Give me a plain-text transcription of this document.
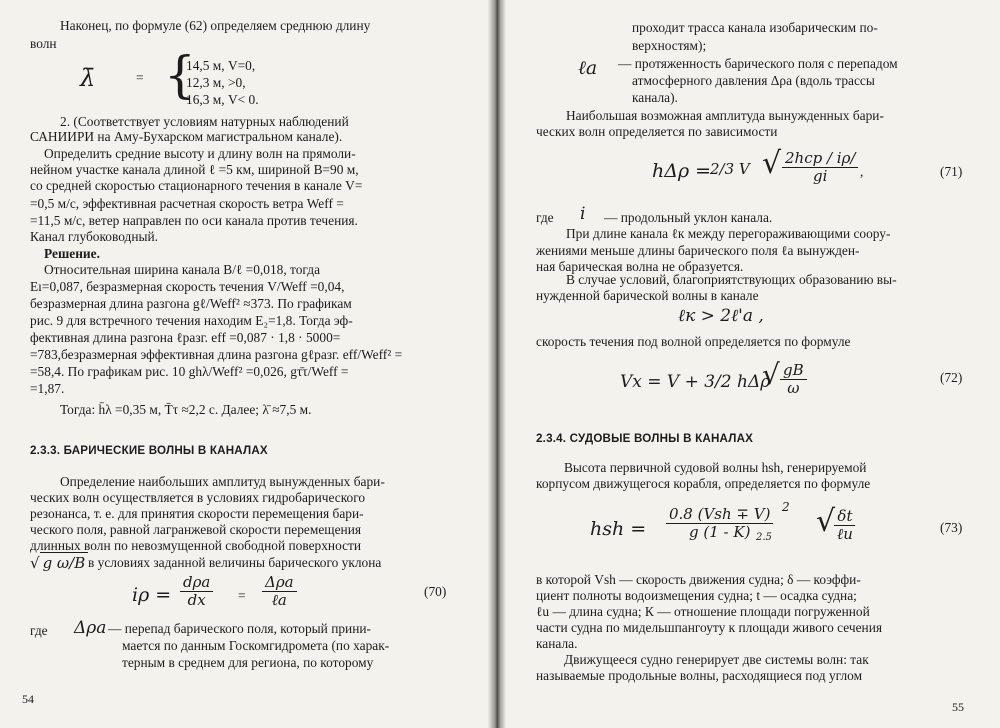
Наконец, по формуле (62) определяем среднюю длину
волн
λ̄	= {
14,5 м, V=0,
12,3 м, >0,
16,3 м, V< 0.
2. (Соответствует условиям натурных наблюдений
САНИИРИ на Аму-Бухарском магистральном канале).
Определить средние высоту и длину волн на прямоли-
нейном участке канала длиной ℓ =5 км, шириной В=90 м,
со средней скоростью стационарного течения в канале V=
=0,5 м/с, эффективная расчетная скорость ветра Weff =
=11,5 м/с, ветер направлен по оси канала против течения.
Канал глубоководный.
Решение.
Относительная ширина канала B/ℓ =0,018, тогда
Eı=0,087, безразмерная скорость течения V/Weff =0,04,
безразмерная длина разгона gℓ/Weff² ≈373. По графикам
рис. 9 для встречного течения находим E₂=1,8. Тогда эф-
фективная длина разгона ℓразг. eff =0,087 · 1,8 · 5000=
=783,безразмерная эффективная длина разгона gℓразг. eff/Weff² =
=58,4. По графикам рис. 10 ghλ/Weff² =0,026, gτ̄τ/Weff =
=1,87.
Тогда: h̄λ =0,35 м, T̄τ ≈2,2 с. Далее; λ̄ ≈7,5 м.
2.3.3. БАРИЧЕСКИЕ ВОЛНЫ В КАНАЛАХ
Определение наибольших амплитуд вынужденных бари-
ческих волн осуществляется в условиях гидробарического
резонанса, т. е. для принятия скорости перемещения бари-
ческого поля, равной лагранжевой скорости перемещения
длинных волн по невозмущенной свободной поверхности
√ g ω/B в условиях заданной величины барического уклона
iρ =
dρa
dx =
Δρa
ℓa	(70)
где Δρa — перепад барического поля, который прини-
мается по данным Госкомгидромета (по харак-
терным в среднем для региона, по которому
54
проходит трасса канала изобарическим по-
верхностям);
ℓa — протяженность барического поля с перепадом
атмосферного давления Δρa (вдоль трассы
канала).
Наибольшая возможная амплитуда вынужденных бари-
ческих волн определяется по зависимости
hΔρ =
2/3 V √ 2hср / iρ/
gi ,	(71)
где i — продольный уклон канала.
При длине канала ℓк между перегораживающими соору-
жениями меньше длины барического поля ℓa вынужден-
ная барическая волна не образуется.
В случае условий, благоприятствующих образованию вы-
нужденной барической волны в канале
ℓк > 2ℓ'a ,
скорость течения под волной определяется по формуле
Vx = V + 3/2 hΔρ
√ $\frac{gB}{\omega}$	(72)
2.3.4. СУДОВЫЕ ВОЛНЫ В КАНАЛАХ
Высота первичной судовой волны hsh, генерируемой
корпусом движущегося корабля, определяется по формуле
hsh =
0.8 (Vsh ∓ V)
g (1 - K)
2
2.5 √ δt
ℓu	(73)
в которой Vsh — скорость движения судна; δ — коэффи-
циент полноты водоизмещения судна; t — осадка судна;
ℓu — длина судна; К — отношение площади погруженной
части судна по мидельшпангоуту к площади живого сечения
канала.
Движущееся судно генерирует две системы волн: так
называемые продольные волны, расходящиеся под углом
55
